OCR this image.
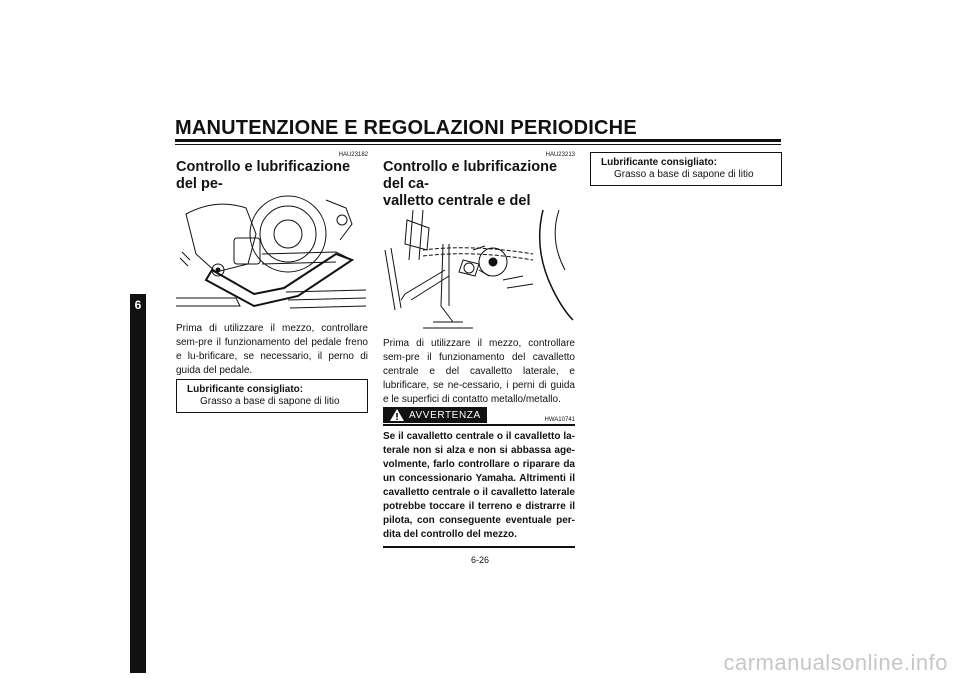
MANUTENZIONE E REGOLAZIONI PERIODICHE
6
HAU23182
Controllo e lubrificazione del pe-

Prima di utilizzare il mezzo, controllare sem-pre il funzionamento del pedale freno e lu-brificare, se necessario, il perno di guida del pedale.
Lubrificante consigliato:
Grasso a base di sapone di litio
HAU23213
Controllo e lubrificazione del ca-
valletto centrale e del

Prima di utilizzare il mezzo, controllare sem-pre il funzionamento del cavalletto centrale e del cavalletto laterale, e lubrificare, se ne-cessario, i perni di guida e le superfici di contatto metallo/metallo.
AVVERTENZA	HWA10741
Se il cavalletto centrale o il cavalletto la-terale non si alza e non si abbassa age-volmente, farlo controllare o riparare da un concessionario Yamaha. Altrimenti il cavalletto centrale o il cavalletto laterale potrebbe toccare il terreno e distrarre il pilota, con conseguente eventuale per-dita del controllo del mezzo.
Lubrificante consigliato:
Grasso a base di sapone di litio
6-26
carmanualsonline.info
